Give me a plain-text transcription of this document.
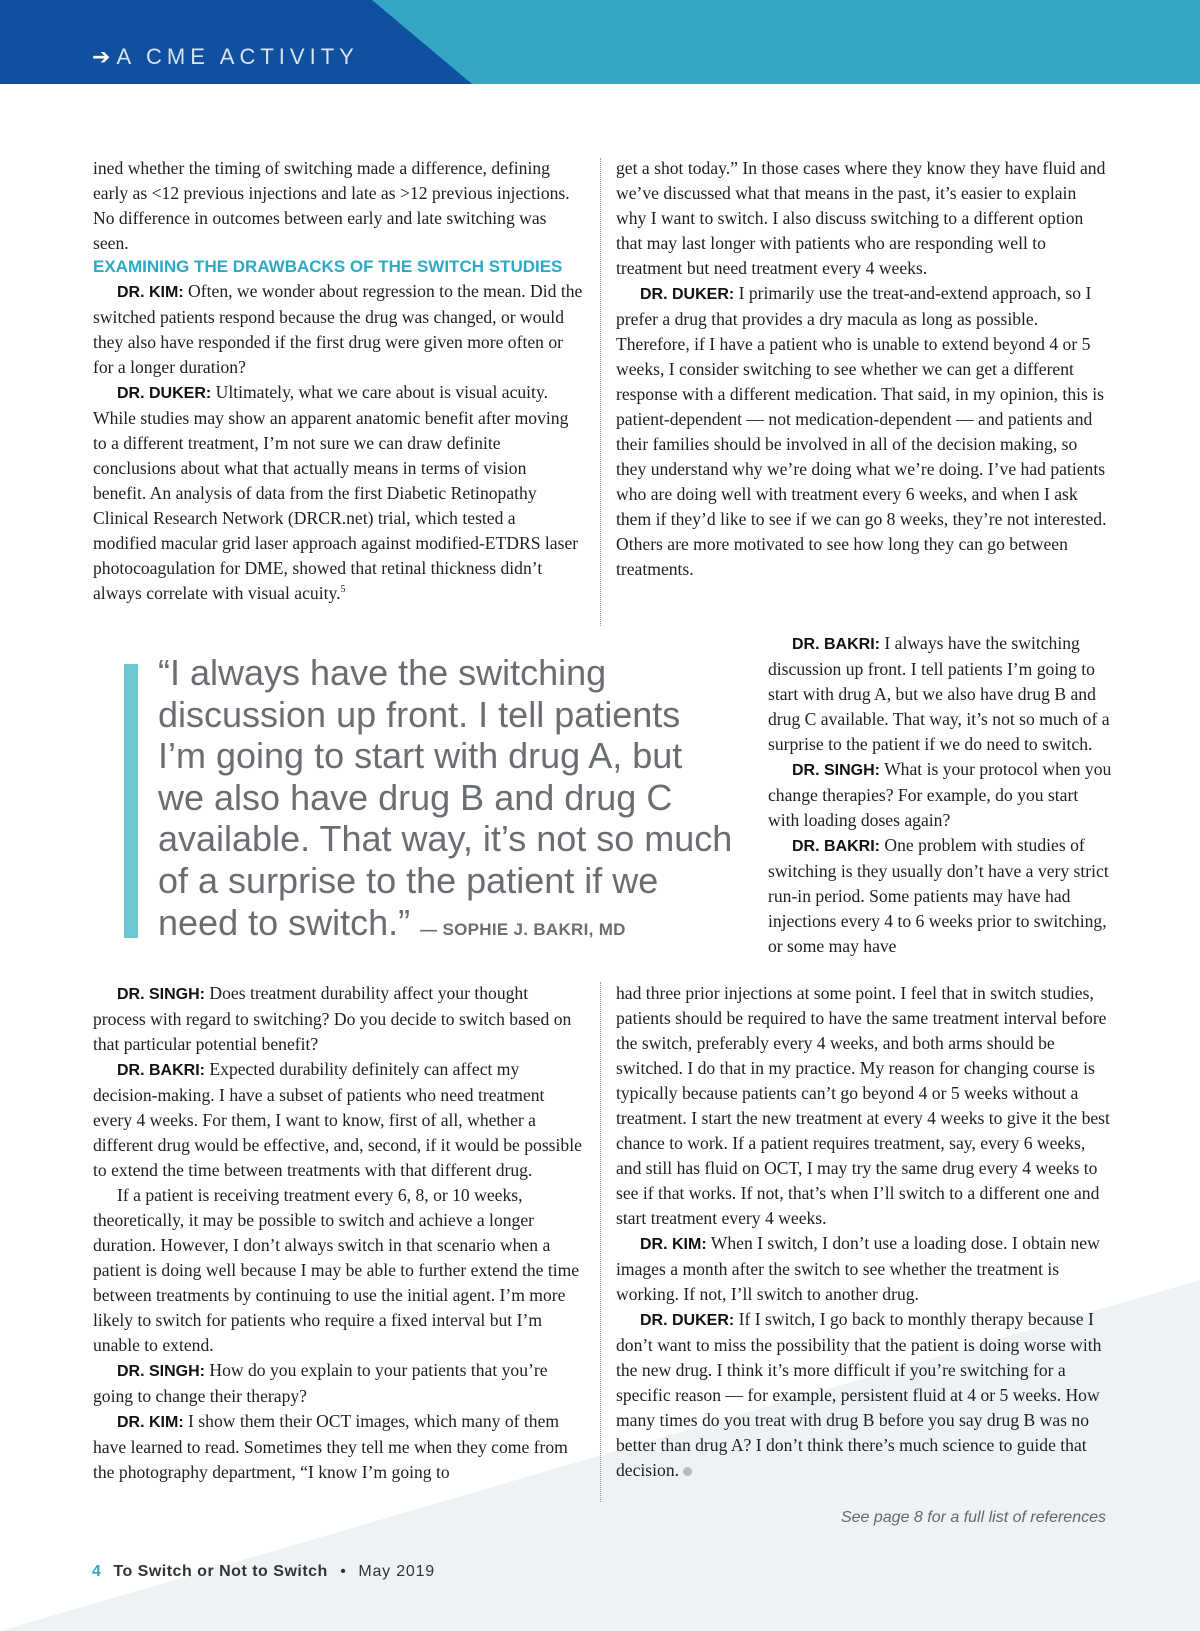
➔ A CME ACTIVITY

ined whether the timing of switching made a difference, defining early as <12 previous injections and late as >12 previous injections. No difference in outcomes between early and late switching was seen.

EXAMINING THE DRAWBACKS OF THE SWITCH STUDIES

DR. KIM: Often, we wonder about regression to the mean. Did the switched patients respond because the drug was changed, or would they also have responded if the first drug were given more often or for a longer duration?

DR. DUKER: Ultimately, what we care about is visual acuity. While studies may show an apparent anatomic benefit after moving to a different treatment, I’m not sure we can draw definite conclusions about what that actually means in terms of vision benefit. An analysis of data from the first Diabetic Retinopathy Clinical Research Network (DRCR.net) trial, which tested a modified macular grid laser approach against modified-ETDRS laser photocoagulation for DME, showed that retinal thickness didn’t always correlate with visual acuity.$^5$

“I always have the switching discussion up front. I tell patients I’m going to start with drug A, but we also have drug B and drug C available. That way, it’s not so much of a surprise to the patient if we need to switch.” — SOPHIE J. BAKRI, MD

DR. SINGH: Does treatment durability affect your thought process with regard to switching? Do you decide to switch based on that particular potential benefit?

DR. BAKRI: Expected durability definitely can affect my decision-making. I have a subset of patients who need treatment every 4 weeks. For them, I want to know, first of all, whether a different drug would be effective, and, second, if it would be possible to extend the time between treatments with that different drug.

If a patient is receiving treatment every 6, 8, or 10 weeks, theoretically, it may be possible to switch and achieve a longer duration. However, I don’t always switch in that scenario when a patient is doing well because I may be able to further extend the time between treatments by continuing to use the initial agent. I’m more likely to switch for patients who require a fixed interval but I’m unable to extend.

DR. SINGH: How do you explain to your patients that you’re going to change their therapy?

DR. KIM: I show them their OCT images, which many of them have learned to read. Sometimes they tell me when they come from the photography department, “I know I’m going to

get a shot today.” In those cases where they know they have fluid and we’ve discussed what that means in the past, it’s easier to explain why I want to switch. I also discuss switching to a different option that may last longer with patients who are responding well to treatment but need treatment every 4 weeks.

DR. DUKER: I primarily use the treat-and-extend approach, so I prefer a drug that provides a dry macula as long as possible. Therefore, if I have a patient who is unable to extend beyond 4 or 5 weeks, I consider switching to see whether we can get a different response with a different medication. That said, in my opinion, this is patient-dependent — not medication-dependent — and patients and their families should be involved in all of the decision making, so they understand why we’re doing what we’re doing. I’ve had patients who are doing well with treatment every 6 weeks, and when I ask them if they’d like to see if we can go 8 weeks, they’re not interested. Others are more motivated to see how long they can go between treatments.

DR. BAKRI: I always have the switching discussion up front. I tell patients I’m going to start with drug A, but we also have drug B and drug C available. That way, it’s not so much of a surprise to the patient if we do need to switch.

DR. SINGH: What is your protocol when you change therapies? For example, do you start with loading doses again?

DR. BAKRI: One problem with studies of switching is they usually don’t have a very strict run-in period. Some patients may have had injections every 4 to 6 weeks prior to switching, or some may have

had three prior injections at some point. I feel that in switch studies, patients should be required to have the same treatment interval before the switch, preferably every 4 weeks, and both arms should be switched. I do that in my practice. My reason for changing course is typically because patients can’t go beyond 4 or 5 weeks without a treatment. I start the new treatment at every 4 weeks to give it the best chance to work. If a patient requires treatment, say, every 6 weeks, and still has fluid on OCT, I may try the same drug every 4 weeks to see if that works. If not, that’s when I’ll switch to a different one and start treatment every 4 weeks.

DR. KIM: When I switch, I don’t use a loading dose. I obtain new images a month after the switch to see whether the treatment is working. If not, I’ll switch to another drug.

DR. DUKER: If I switch, I go back to monthly therapy because I don’t want to miss the possibility that the patient is doing worse with the new drug. I think it’s more difficult if you’re switching for a specific reason — for example, persistent fluid at 4 or 5 weeks. How many times do you treat with drug B before you say drug B was no better than drug A? I don’t think there’s much science to guide that decision.

See page 8 for a full list of references
4 To Switch or Not to Switch • May 2019
